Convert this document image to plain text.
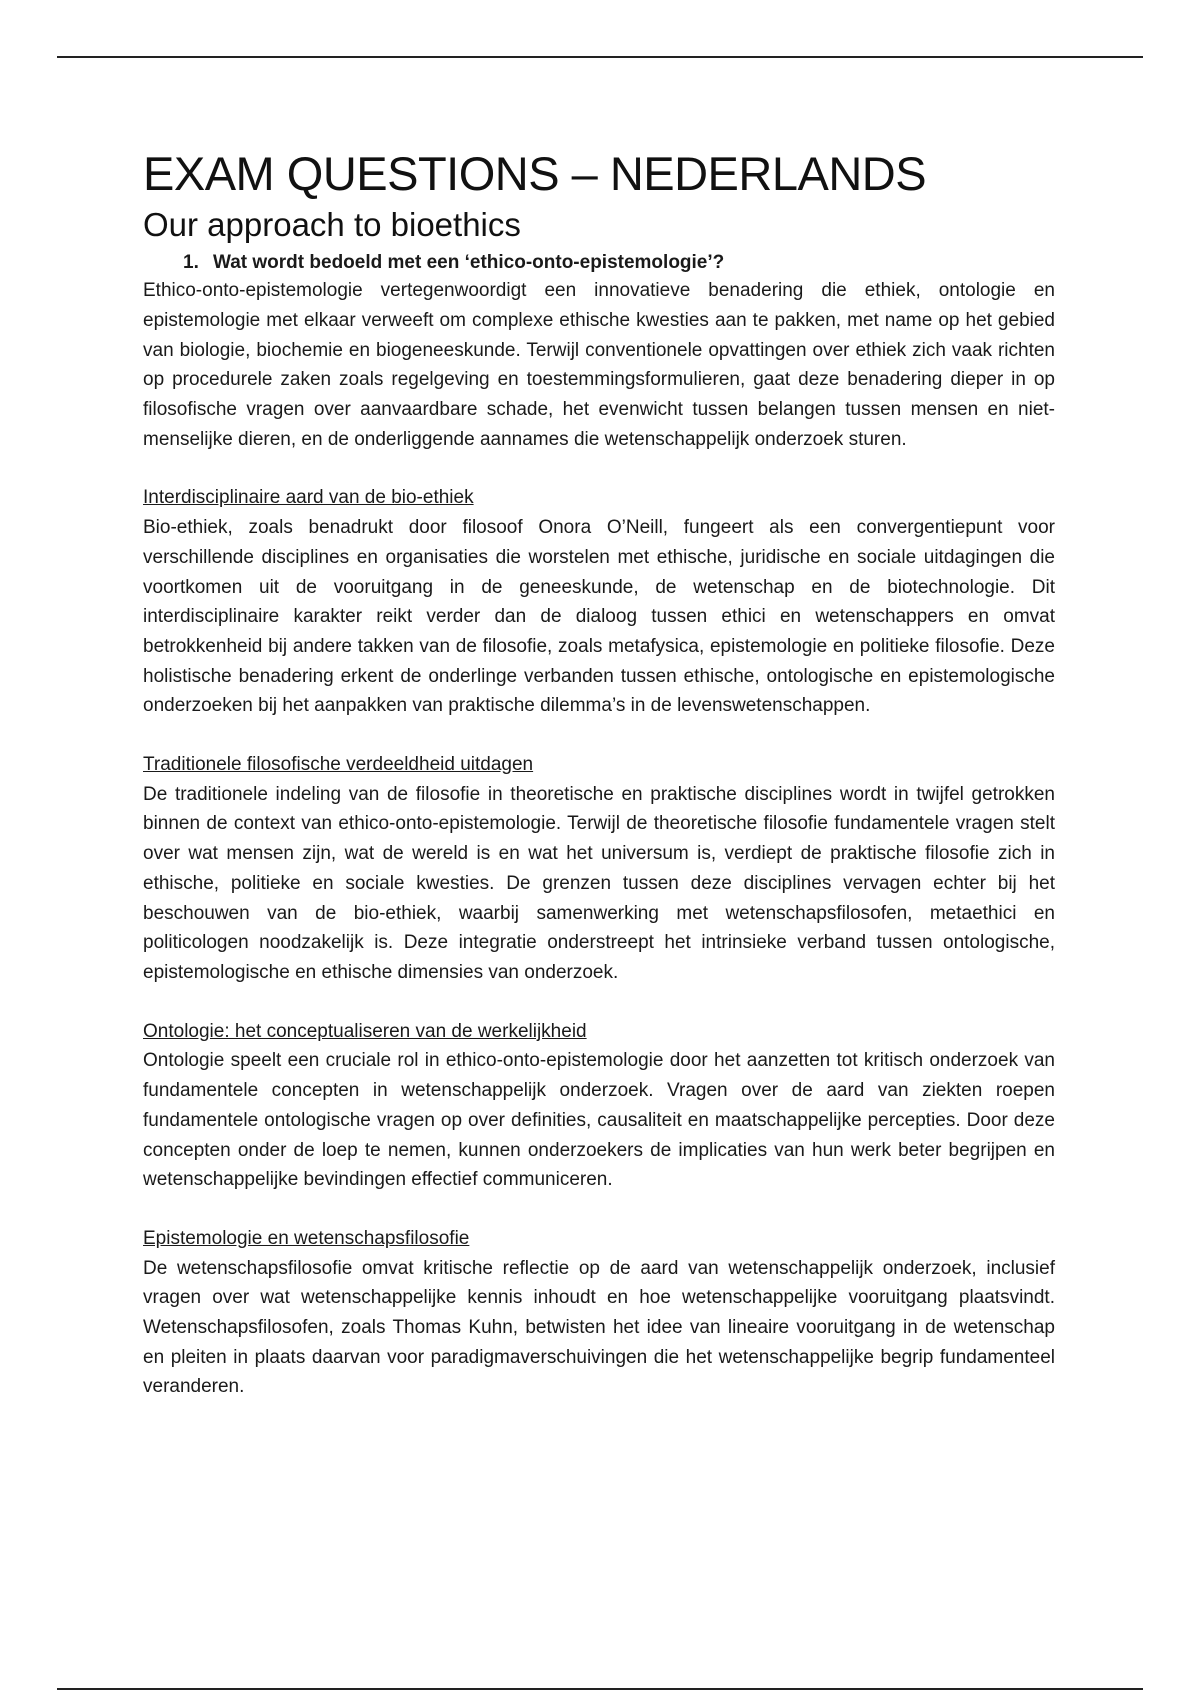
EXAM QUESTIONS – NEDERLANDS
Our approach to bioethics
1. Wat wordt bedoeld met een ‘ethico-onto-epistemologie’?

Ethico-onto-epistemologie vertegenwoordigt een innovatieve benadering die ethiek, ontologie en epistemologie met elkaar verweeft om complexe ethische kwesties aan te pakken, met name op het gebied van biologie, biochemie en biogeneeskunde. Terwijl conventionele opvattingen over ethiek zich vaak richten op procedurele zaken zoals regelgeving en toestemmingsformulieren, gaat deze benadering dieper in op filosofische vragen over aanvaardbare schade, het evenwicht tussen belangen tussen mensen en niet-menselijke dieren, en de onderliggende aannames die wetenschappelijk onderzoek sturen.

Interdisciplinaire aard van de bio-ethiek

Bio-ethiek, zoals benadrukt door filosoof Onora O’Neill, fungeert als een convergentiepunt voor verschillende disciplines en organisaties die worstelen met ethische, juridische en sociale uitdagingen die voortkomen uit de vooruitgang in de geneeskunde, de wetenschap en de biotechnologie. Dit interdisciplinaire karakter reikt verder dan de dialoog tussen ethici en wetenschappers en omvat betrokkenheid bij andere takken van de filosofie, zoals metafysica, epistemologie en politieke filosofie. Deze holistische benadering erkent de onderlinge verbanden tussen ethische, ontologische en epistemologische onderzoeken bij het aanpakken van praktische dilemma’s in de levenswetenschappen.

Traditionele filosofische verdeeldheid uitdagen

De traditionele indeling van de filosofie in theoretische en praktische disciplines wordt in twijfel getrokken binnen de context van ethico-onto-epistemologie. Terwijl de theoretische filosofie fundamentele vragen stelt over wat mensen zijn, wat de wereld is en wat het universum is, verdiept de praktische filosofie zich in ethische, politieke en sociale kwesties. De grenzen tussen deze disciplines vervagen echter bij het beschouwen van de bio-ethiek, waarbij samenwerking met wetenschapsfilosofen, metaethici en politicologen noodzakelijk is. Deze integratie onderstreept het intrinsieke verband tussen ontologische, epistemologische en ethische dimensies van onderzoek.

Ontologie: het conceptualiseren van de werkelijkheid

Ontologie speelt een cruciale rol in ethico-onto-epistemologie door het aanzetten tot kritisch onderzoek van fundamentele concepten in wetenschappelijk onderzoek. Vragen over de aard van ziekten roepen fundamentele ontologische vragen op over definities, causaliteit en maatschappelijke percepties. Door deze concepten onder de loep te nemen, kunnen onderzoekers de implicaties van hun werk beter begrijpen en wetenschappelijke bevindingen effectief communiceren.

Epistemologie en wetenschapsfilosofie

De wetenschapsfilosofie omvat kritische reflectie op de aard van wetenschappelijk onderzoek, inclusief vragen over wat wetenschappelijke kennis inhoudt en hoe wetenschappelijke vooruitgang plaatsvindt. Wetenschapsfilosofen, zoals Thomas Kuhn, betwisten het idee van lineaire vooruitgang in de wetenschap en pleiten in plaats daarvan voor paradigmaverschuivingen die het wetenschappelijke begrip fundamenteel veranderen.
